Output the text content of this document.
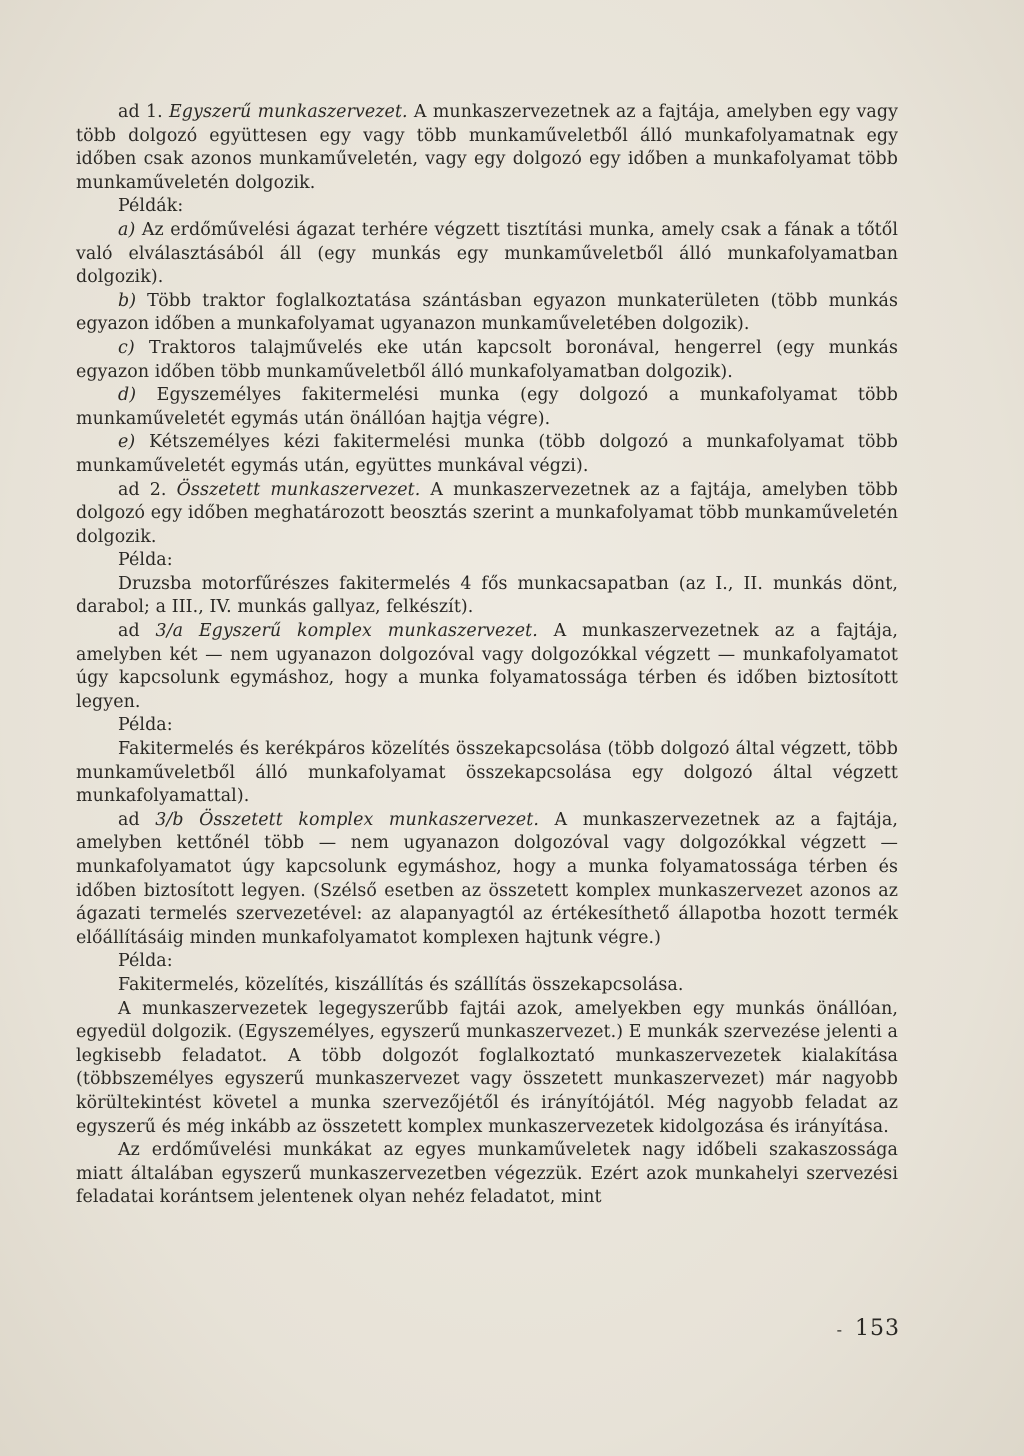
ad 1. Egyszerű munkaszervezet. A munkaszervezetnek az a fajtája, amelyben egy vagy több dolgozó együttesen egy vagy több munkaműveletből álló munkafolyamatnak egy időben csak azonos munkaműveletén, vagy egy dolgozó egy időben a munkafolyamat több munkaműveletén dolgozik.

Példák:

a) Az erdőművelési ágazat terhére végzett tisztítási munka, amely csak a fának a tőtől való elválasztásából áll (egy munkás egy munkaműveletből álló munkafolyamatban dolgozik).

b) Több traktor foglalkoztatása szántásban egyazon munkaterületen (több munkás egyazon időben a munkafolyamat ugyanazon munkaműveletében dolgozik).

c) Traktoros talajművelés eke után kapcsolt boronával, hengerrel (egy munkás egyazon időben több munkaműveletből álló munkafolyamatban dolgozik).

d) Egyszemélyes fakitermelési munka (egy dolgozó a munkafolyamat több munkaműveletét egymás után önállóan hajtja végre).

e) Kétszemélyes kézi fakitermelési munka (több dolgozó a munkafolyamat több munkaműveletét egymás után, együttes munkával végzi).

ad 2. Összetett munkaszervezet. A munkaszervezetnek az a fajtája, amelyben több dolgozó egy időben meghatározott beosztás szerint a munkafolyamat több munkaműveletén dolgozik.

Példa:

Druzsba motorfűrészes fakitermelés 4 fős munkacsapatban (az I., II. munkás dönt, darabol; a III., IV. munkás gallyaz, felkészít).

ad 3/a Egyszerű komplex munkaszervezet. A munkaszervezetnek az a fajtája, amelyben két — nem ugyanazon dolgozóval vagy dolgozókkal végzett — munkafolyamatot úgy kapcsolunk egymáshoz, hogy a munka folyamatossága térben és időben biztosított legyen.

Példa:

Fakitermelés és kerékpáros közelítés összekapcsolása (több dolgozó által végzett, több munkaműveletből álló munkafolyamat összekapcsolása egy dolgozó által végzett munkafolyamattal).

ad 3/b Összetett komplex munkaszervezet. A munkaszervezetnek az a fajtája, amelyben kettőnél több — nem ugyanazon dolgozóval vagy dolgozókkal végzett — munkafolyamatot úgy kapcsolunk egymáshoz, hogy a munka folyamatossága térben és időben biztosított legyen. (Szélső esetben az összetett komplex munkaszervezet azonos az ágazati termelés szervezetével: az alapanyagtól az értékesíthető állapotba hozott termék előállításáig minden munkafolyamatot komplexen hajtunk végre.)

Példa:

Fakitermelés, közelítés, kiszállítás és szállítás összekapcsolása.

A munkaszervezetek legegyszerűbb fajtái azok, amelyekben egy munkás önállóan, egyedül dolgozik. (Egyszemélyes, egyszerű munkaszervezet.) E munkák szervezése jelenti a legkisebb feladatot. A több dolgozót foglalkoztató munkaszervezetek kialakítása (többszemélyes egyszerű munkaszervezet vagy összetett munkaszervezet) már nagyobb körültekintést követel a munka szervezőjétől és irányítójától. Még nagyobb feladat az egyszerű és még inkább az összetett komplex munkaszervezetek kidolgozása és irányítása.

Az erdőművelési munkákat az egyes munkaműveletek nagy időbeli szakaszossága miatt általában egyszerű munkaszervezetben végezzük. Ezért azok munkahelyi szervezési feladatai korántsem jelentenek olyan nehéz feladatot, mint

- 153
